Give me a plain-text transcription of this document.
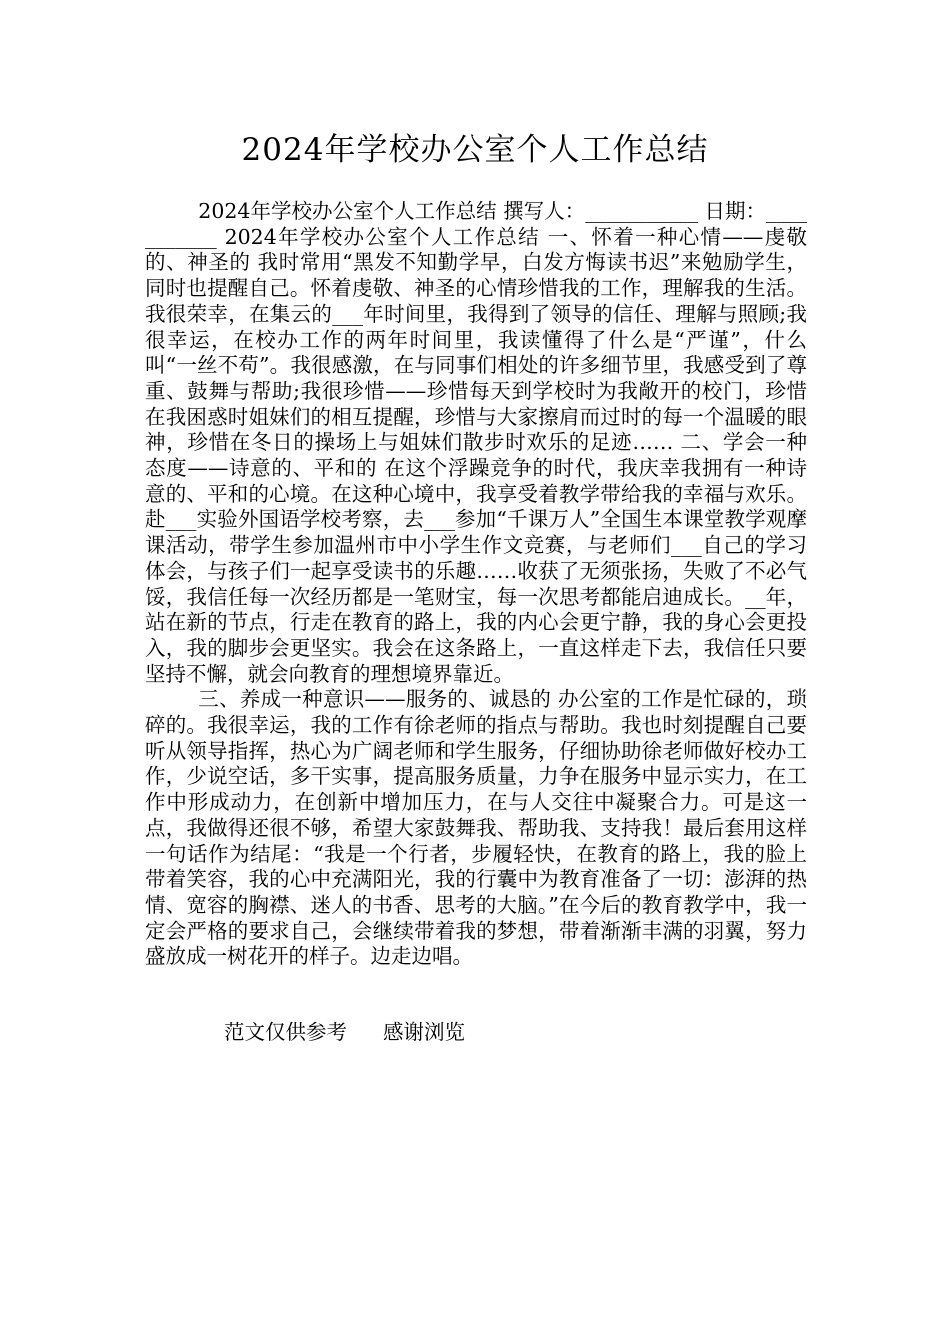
2024年学校办公室个人工作总结

2024年学校办公室个人工作总结 撰写人：___________ 日期：___________ 2024年学校办公室个人工作总结 一、怀着一种心情——虔敬的、神圣的 我时常用“黑发不知勤学早，白发方悔读书迟”来勉励学生，同时也提醒自己。怀着虔敬、神圣的心情珍惜我的工作，理解我的生活。我很荣幸，在集云的___年时间里，我得到了领导的信任、理解与照顾;我很幸运，在校办工作的两年时间里，我读懂得了什么是“严谨”，什么叫“一丝不苟”。我很感激，在与同事们相处的许多细节里，我感受到了尊重、鼓舞与帮助;我很珍惜——珍惜每天到学校时为我敞开的校门，珍惜在我困惑时姐妹们的相互提醒，珍惜与大家擦肩而过时的每一个温暖的眼神，珍惜在冬日的操场上与姐妹们散步时欢乐的足迹…… 二、学会一种态度——诗意的、平和的 在这个浮躁竞争的时代，我庆幸我拥有一种诗意的、平和的心境。在这种心境中，我享受着教学带给我的幸福与欢乐。赴___实验外国语学校考察，去___参加“千课万人”全国生本课堂教学观摩课活动，带学生参加温州市中小学生作文竞赛，与老师们___自己的学习体会，与孩子们一起享受读书的乐趣……收获了无须张扬，失败了不必气馁，我信任每一次经历都是一笔财宝，每一次思考都能启迪成长。__年，站在新的节点，行走在教育的路上，我的内心会更宁静，我的身心会更投入，我的脚步会更坚实。我会在这条路上，一直这样走下去，我信任只要坚持不懈，就会向教育的理想境界靠近。

三、养成一种意识——服务的、诚恳的 办公室的工作是忙碌的，琐碎的。我很幸运，我的工作有徐老师的指点与帮助。我也时刻提醒自己要听从领导指挥，热心为广阔老师和学生服务，仔细协助徐老师做好校办工作，少说空话，多干实事，提高服务质量，力争在服务中显示实力，在工作中形成动力，在创新中增加压力，在与人交往中凝聚合力。可是这一点，我做得还很不够，希望大家鼓舞我、帮助我、支持我！最后套用这样一句话作为结尾：“我是一个行者，步履轻快，在教育的路上，我的脸上带着笑容，我的心中充满阳光，我的行囊中为教育准备了一切：澎湃的热情、宽容的胸襟、迷人的书香、思考的大脑。”在今后的教育教学中，我一定会严格的要求自己，会继续带着我的梦想，带着渐渐丰满的羽翼，努力盛放成一树花开的样子。边走边唱。

范文仅供参考 感谢浏览
